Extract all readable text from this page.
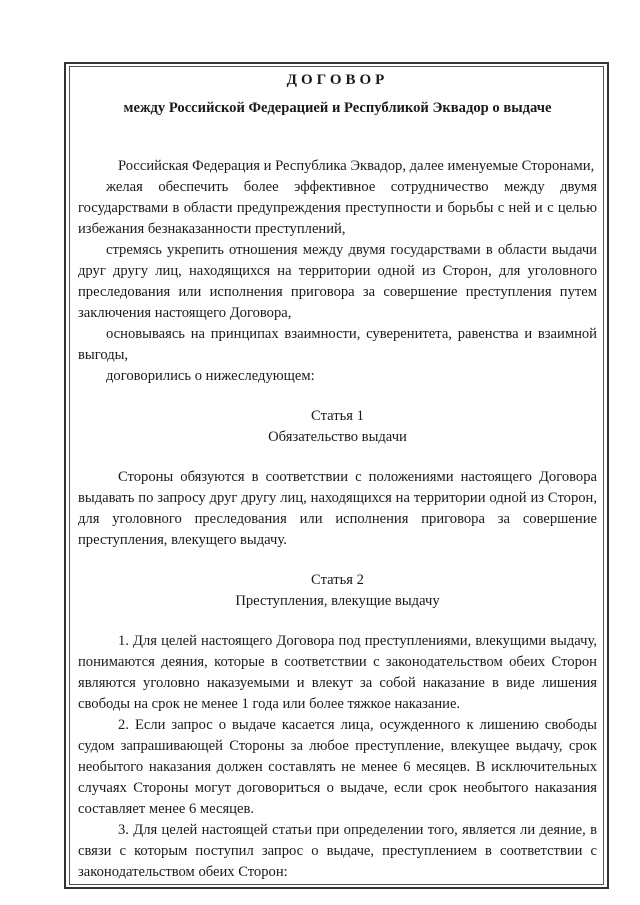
ДОГОВОР
между Российской Федерацией и Республикой Эквадор о выдаче

Российская Федерация и Республика Эквадор, далее именуемые Сторонами,

желая обеспечить более эффективное сотрудничество между двумя государствами в области предупреждения преступности и борьбы с ней и с целью избежания безнаказанности преступлений,

стремясь укрепить отношения между двумя государствами в области выдачи друг другу лиц, находящихся на территории одной из Сторон, для уголовного преследования или исполнения приговора за совершение преступления путем заключения настоящего Договора,

основываясь на принципах взаимности, суверенитета, равенства и взаимной выгоды,

договорились о нижеследующем:

Статья 1
Обязательство выдачи

Стороны обязуются в соответствии с положениями настоящего Договора выдавать по запросу друг другу лиц, находящихся на территории одной из Сторон, для уголовного преследования или исполнения приговора за совершение преступления, влекущего выдачу.

Статья 2
Преступления, влекущие выдачу

1. Для целей настоящего Договора под преступлениями, влекущими выдачу, понимаются деяния, которые в соответствии с законодательством обеих Сторон являются уголовно наказуемыми и влекут за собой наказание в виде лишения свободы на срок не менее 1 года или более тяжкое наказание.

2. Если запрос о выдаче касается лица, осужденного к лишению свободы судом запрашивающей Стороны за любое преступление, влекущее выдачу, срок необытого наказания должен составлять не менее 6 месяцев. В исключительных случаях Стороны могут договориться о выдаче, если срок необытого наказания составляет менее 6 месяцев.

3. Для целей настоящей статьи при определении того, является ли деяние, в связи с которым поступил запрос о выдаче, преступлением в соответствии с законодательством обеих Сторон:
